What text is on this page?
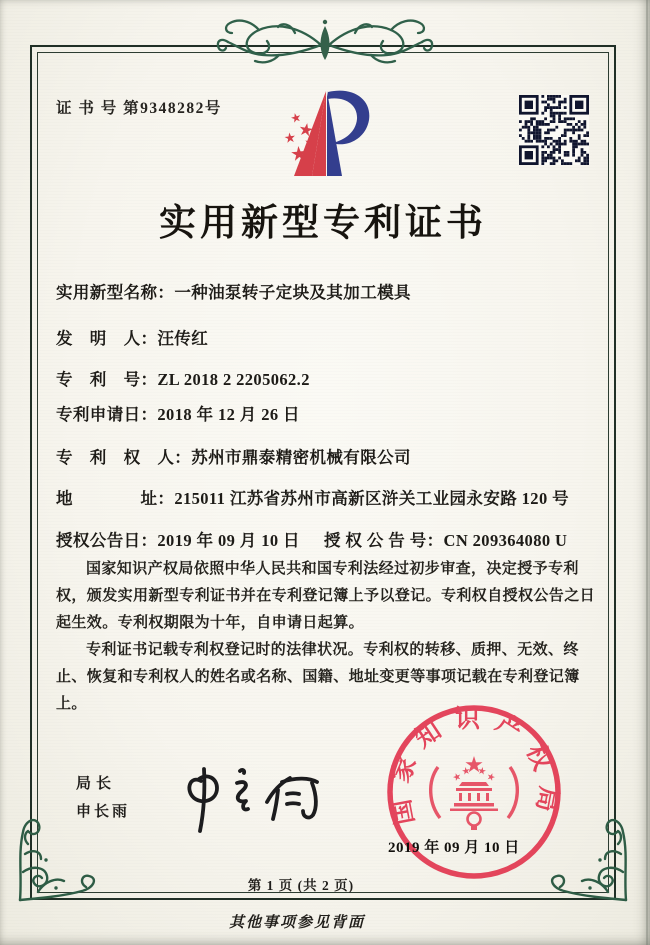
证 书 号 第9348282号
实用新型专利证书
实用新型名称：一种油泵转子定块及其加工模具
发　明　人：汪传红
专　利　号：ZL 2018 2 2205062.2
专利申请日：2018 年 12 月 26 日
专　利　权　人：苏州市鼎泰精密机械有限公司
地　　　　址：215011 江苏省苏州市高新区浒关工业园永安路 120 号
授权公告日：2019 年 09 月 10 日 授 权 公 告 号：CN 209364080 U

国家知识产权局依照中华人民共和国专利法经过初步审查，决定授予专利权，颁发实用新型专利证书并在专利登记簿上予以登记。专利权自授权公告之日起生效。专利权期限为十年，自申请日起算。

专利证书记载专利权登记时的法律状况。专利权的转移、质押、无效、终止、恢复和专利权人的姓名或名称、国籍、地址变更等事项记载在专利登记簿上。

局长
申长雨	国家知识产权局
2019 年 09 月 10 日
第 1 页 (共 2 页)
其他事项参见背面
